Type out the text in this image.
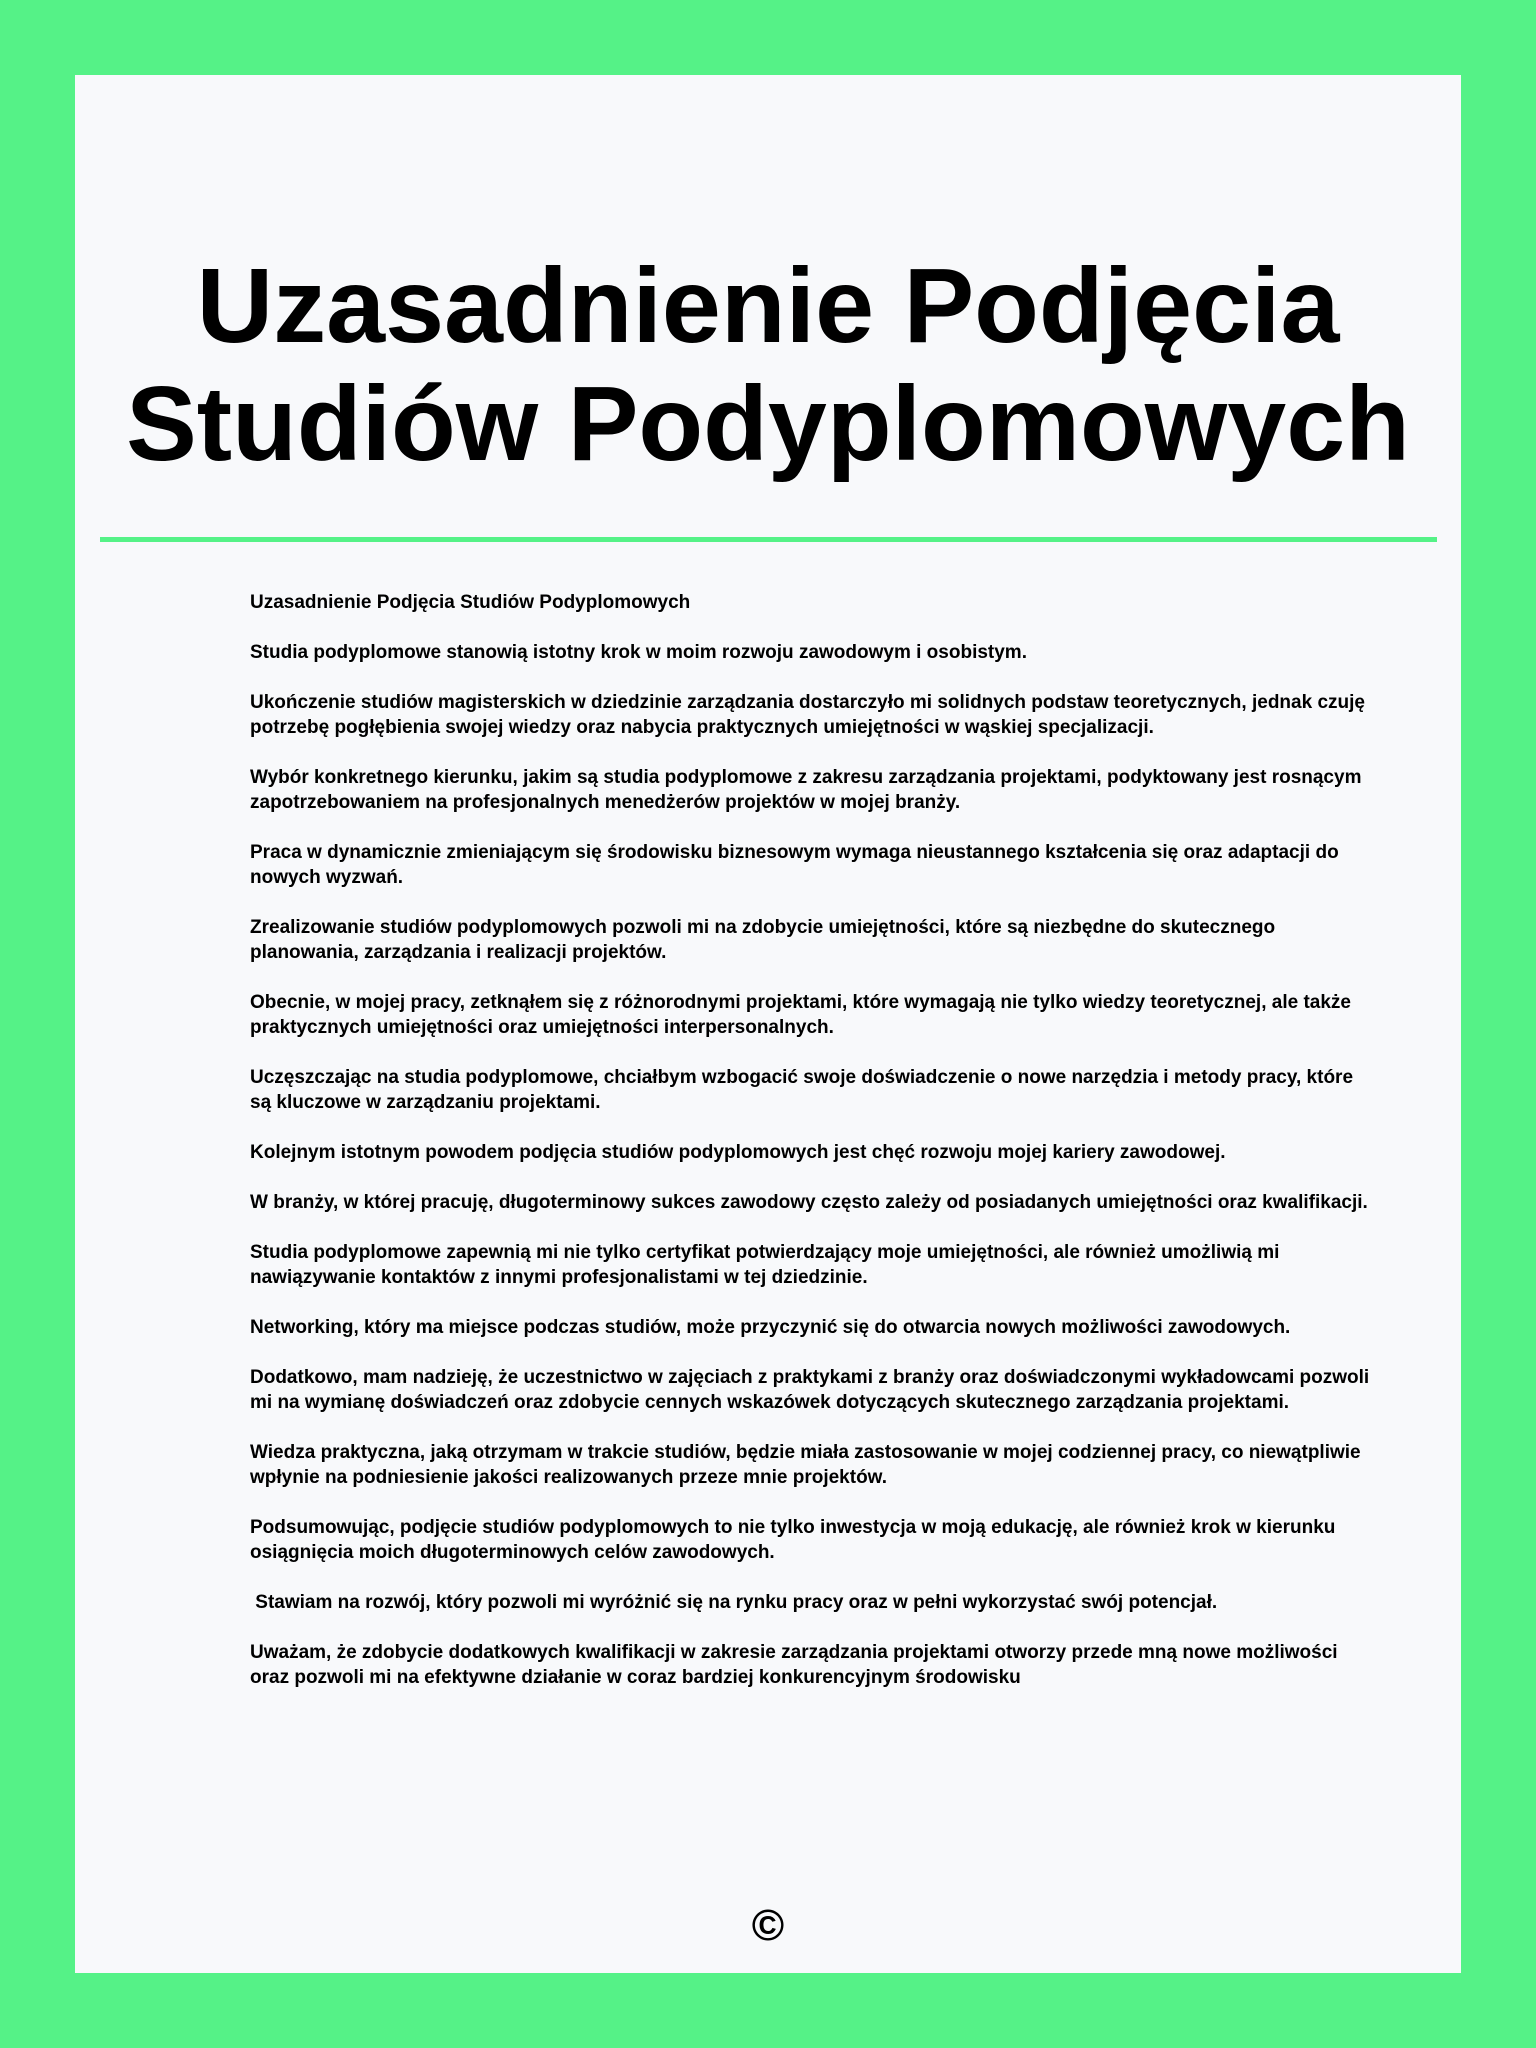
Uzasadnienie Podjęcia
Studiów Podyplomowych

Uzasadnienie Podjęcia Studiów Podyplomowych

Studia podyplomowe stanowią istotny krok w moim rozwoju zawodowym i osobistym.

Ukończenie studiów magisterskich w dziedzinie zarządzania dostarczyło mi solidnych podstaw teoretycznych, jednak czuję potrzebę pogłębienia swojej wiedzy oraz nabycia praktycznych umiejętności w wąskiej specjalizacji.

Wybór konkretnego kierunku, jakim są studia podyplomowe z zakresu zarządzania projektami, podyktowany jest rosnącym zapotrzebowaniem na profesjonalnych menedżerów projektów w mojej branży.

Praca w dynamicznie zmieniającym się środowisku biznesowym wymaga nieustannego kształcenia się oraz adaptacji do nowych wyzwań.

Zrealizowanie studiów podyplomowych pozwoli mi na zdobycie umiejętności, które są niezbędne do skutecznego planowania, zarządzania i realizacji projektów.

Obecnie, w mojej pracy, zetknąłem się z różnorodnymi projektami, które wymagają nie tylko wiedzy teoretycznej, ale także praktycznych umiejętności oraz umiejętności interpersonalnych.

Uczęszczając na studia podyplomowe, chciałbym wzbogacić swoje doświadczenie o nowe narzędzia i metody pracy, które są kluczowe w zarządzaniu projektami.

Kolejnym istotnym powodem podjęcia studiów podyplomowych jest chęć rozwoju mojej kariery zawodowej.

W branży, w której pracuję, długoterminowy sukces zawodowy często zależy od posiadanych umiejętności oraz kwalifikacji.

Studia podyplomowe zapewnią mi nie tylko certyfikat potwierdzający moje umiejętności, ale również umożliwią mi nawiązywanie kontaktów z innymi profesjonalistami w tej dziedzinie.

Networking, który ma miejsce podczas studiów, może przyczynić się do otwarcia nowych możliwości zawodowych.

Dodatkowo, mam nadzieję, że uczestnictwo w zajęciach z praktykami z branży oraz doświadczonymi wykładowcami pozwoli mi na wymianę doświadczeń oraz zdobycie cennych wskazówek dotyczących skutecznego zarządzania projektami.

Wiedza praktyczna, jaką otrzymam w trakcie studiów, będzie miała zastosowanie w mojej codziennej pracy, co niewątpliwie wpłynie na podniesienie jakości realizowanych przeze mnie projektów.

Podsumowując, podjęcie studiów podyplomowych to nie tylko inwestycja w moją edukację, ale również krok w kierunku osiągnięcia moich długoterminowych celów zawodowych.

Stawiam na rozwój, który pozwoli mi wyróżnić się na rynku pracy oraz w pełni wykorzystać swój potencjał.

Uważam, że zdobycie dodatkowych kwalifikacji w zakresie zarządzania projektami otworzy przede mną nowe możliwości oraz pozwoli mi na efektywne działanie w coraz bardziej konkurencyjnym środowisku

©
